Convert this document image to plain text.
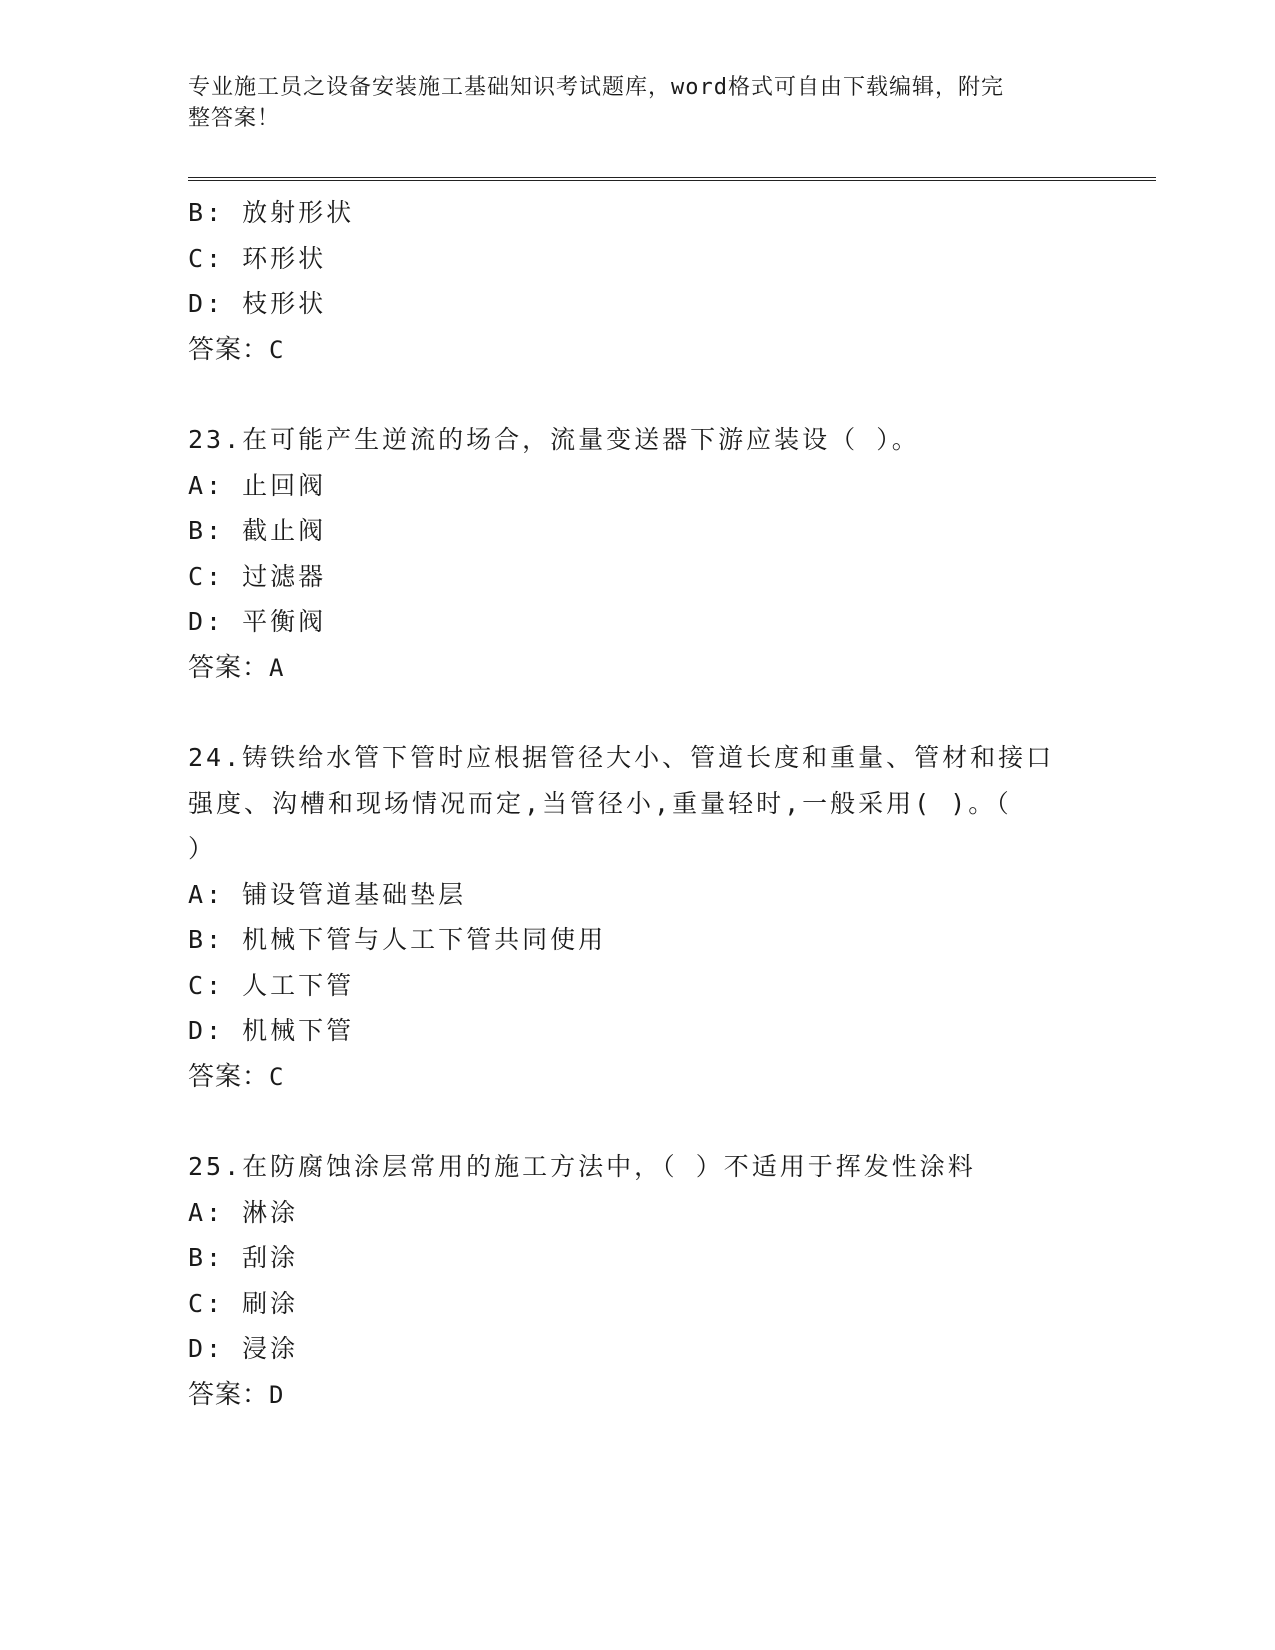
专业施工员之设备安装施工基础知识考试题库，word格式可自由下载编辑，附完
整答案！
B: 放射形状
C: 环形状
D: 枝形状
答案：C
23.在可能产生逆流的场合，流量变送器下游应装设（ ）。
A: 止回阀
B: 截止阀
C: 过滤器
D: 平衡阀
答案：A
24.铸铁给水管下管时应根据管径大小、管道长度和重量、管材和接口
强度、沟槽和现场情况而定,当管径小,重量轻时,一般采用( )。（
）
A: 铺设管道基础垫层
B: 机械下管与人工下管共同使用
C: 人工下管
D: 机械下管
答案：C
25.在防腐蚀涂层常用的施工方法中，（ ）不适用于挥发性涂料
A: 淋涂
B: 刮涂
C: 刷涂
D: 浸涂
答案：D
